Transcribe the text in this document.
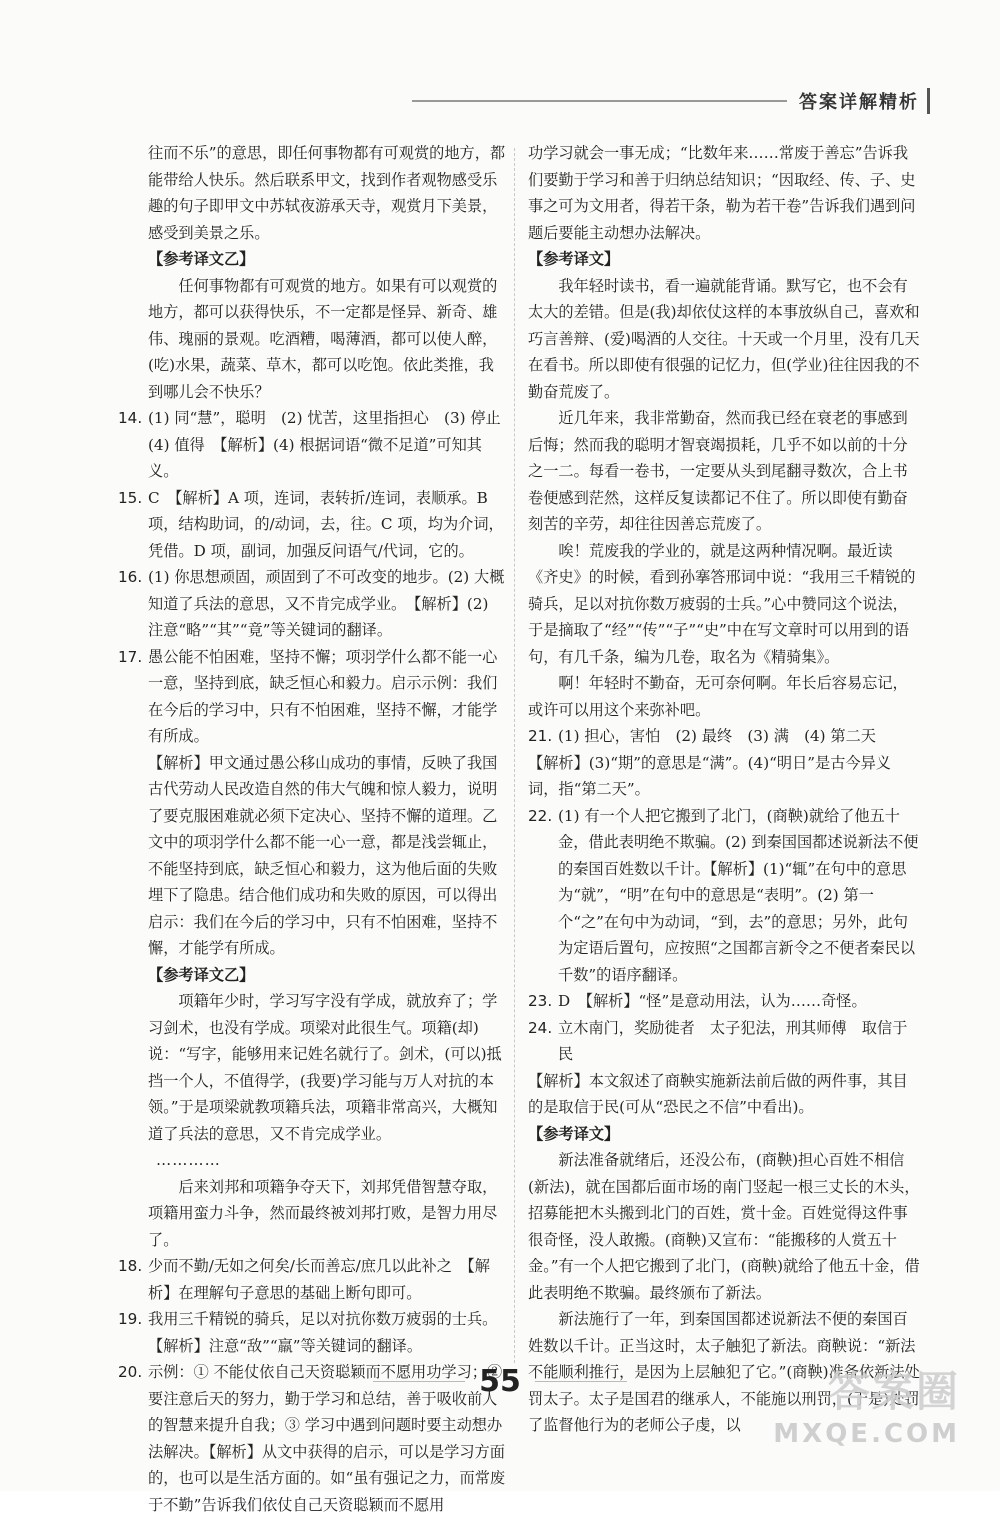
答案详解精析

往而不乐”的意思，即任何事物都有可观赏的地方，都能带给人快乐。然后联系甲文，找到作者观物感受乐趣的句子即甲文中苏轼夜游承天寺，观赏月下美景，感受到美景之乐。

【参考译文乙】

任何事物都有可观赏的地方。如果有可以观赏的地方，都可以获得快乐，不一定都是怪异、新奇、雄伟、瑰丽的景观。吃酒糟，喝薄酒，都可以使人醉，(吃)水果，蔬菜、草木，都可以吃饱。依此类推，我到哪儿会不快乐？

14. (1) 同“慧”，聪明　(2) 忧苦，这里指担心　(3) 停止　(4) 值得　【解析】(4) 根据词语“微不足道”可知其义。
15. C　【解析】A 项，连词，表转折/连词，表顺承。B 项，结构助词，的/动词，去，往。C 项，均为介词，凭借。D 项，副词，加强反问语气/代词，它的。
16. (1) 你思想顽固，顽固到了不可改变的地步。(2) 大概知道了兵法的意思，又不肯完成学业。　【解析】(2) 注意“略”“其”“竟”等关键词的翻译。
17. 愚公能不怕困难，坚持不懈；项羽学什么都不能一心一意，坚持到底，缺乏恒心和毅力。启示示例：我们在今后的学习中，只有不怕困难，坚持不懈，才能学有所成。

【解析】甲文通过愚公移山成功的事情，反映了我国古代劳动人民改造自然的伟大气魄和惊人毅力，说明了要克服困难就必须下定决心、坚持不懈的道理。乙文中的项羽学什么都不能一心一意，都是浅尝辄止，不能坚持到底，缺乏恒心和毅力，这为他后面的失败埋下了隐患。结合他们成功和失败的原因，可以得出启示：我们在今后的学习中，只有不怕困难，坚持不懈，才能学有所成。

【参考译文乙】

项籍年少时，学习写字没有学成，就放弃了；学习剑术，也没有学成。项梁对此很生气。项籍(却)说：“写字，能够用来记姓名就行了。剑术，(可以)抵挡一个人，不值得学，(我要)学习能与万人对抗的本领。”于是项梁就教项籍兵法，项籍非常高兴，大概知道了兵法的意思，又不肯完成学业。

…………

后来刘邦和项籍争夺天下，刘邦凭借智慧夺取，项籍用蛮力斗争，然而最终被刘邦打败，是智力用尽了。

18. 少而不勤/无如之何矣/长而善忘/庶几以此补之　【解析】在理解句子意思的基础上断句即可。
19. 我用三千精锐的骑兵，足以对抗你数万疲弱的士兵。【解析】注意“敌”“羸”等关键词的翻译。
20. 示例：① 不能仗依自己天资聪颖而不愿用功学习；② 要注意后天的努力，勤于学习和总结，善于吸收前人的智慧来提升自我；③ 学习中遇到问题时要主动想办法解决。【解析】从文中获得的启示，可以是学习方面的，也可以是生活方面的。如“虽有强记之力，而常废于不勤”告诉我们依仗自己天资聪颖而不愿用

功学习就会一事无成；“比数年来……常废于善忘”告诉我们要勤于学习和善于归纳总结知识；“因取经、传、子、史事之可为文用者，得若干条，勒为若干卷”告诉我们遇到问题后要能主动想办法解决。

【参考译文】

我年轻时读书，看一遍就能背诵。默写它，也不会有太大的差错。但是(我)却依仗这样的本事放纵自己，喜欢和巧言善辩、(爱)喝酒的人交往。十天或一个月里，没有几天在看书。所以即使有很强的记忆力，但(学业)往往因我的不勤奋荒废了。

近几年来，我非常勤奋，然而我已经在衰老的事感到后悔；然而我的聪明才智衰竭损耗，几乎不如以前的十分之一二。每看一卷书，一定要从头到尾翻寻数次，合上书卷便感到茫然，这样反复读都记不住了。所以即使有勤奋刻苦的辛劳，却往往因善忘荒废了。

唉！荒废我的学业的，就是这两种情况啊。最近读《齐史》的时候，看到孙搴答邢词中说：“我用三千精锐的骑兵，足以对抗你数万疲弱的士兵。”心中赞同这个说法，于是摘取了“经”“传”“子”“史”中在写文章时可以用到的语句，有几千条，编为几卷，取名为《精骑集》。

啊！年轻时不勤奋，无可奈何啊。年长后容易忘记，或许可以用这个来弥补吧。

21. (1) 担心，害怕　(2) 最终　(3) 满　(4) 第二天

【解析】(3)“期”的意思是“满”。(4)“明日”是古今异义词，指“第二天”。

22. (1) 有一个人把它搬到了北门，(商鞅)就给了他五十金，借此表明绝不欺骗。(2) 到秦国国都述说新法不便的秦国百姓数以千计。【解析】(1)“辄”在句中的意思为“就”，“明”在句中的意思是“表明”。(2) 第一个“之”在句中为动词，“到，去”的意思；另外，此句为定语后置句，应按照“之国都言新令之不便者秦民以千数”的语序翻译。
23. D　【解析】“怪”是意动用法，认为……奇怪。
24. 立木南门，奖励徙者　太子犯法，刑其师傅　取信于民

【解析】本文叙述了商鞅实施新法前后做的两件事，其目的是取信于民(可从“恐民之不信”中看出)。

【参考译文】

新法准备就绪后，还没公布，(商鞅)担心百姓不相信(新法)，就在国都后面市场的南门竖起一根三丈长的木头，招募能把木头搬到北门的百姓，赏十金。百姓觉得这件事很奇怪，没人敢搬。(商鞅)又宣布：“能搬移的人赏五十金。”有一个人把它搬到了北门，(商鞅)就给了他五十金，借此表明绝不欺骗。最终颁布了新法。

新法施行了一年，到秦国国都述说新法不便的秦国百姓数以千计。正当这时，太子触犯了新法。商鞅说：“新法不能顺利推行，是因为上层触犯了它。”(商鞅)准备依新法处罚太子。太子是国君的继承人，不能施以刑罚，(于是)处罚了监督他行为的老师公子虔，以

55	答案圈
MXQE.COM
